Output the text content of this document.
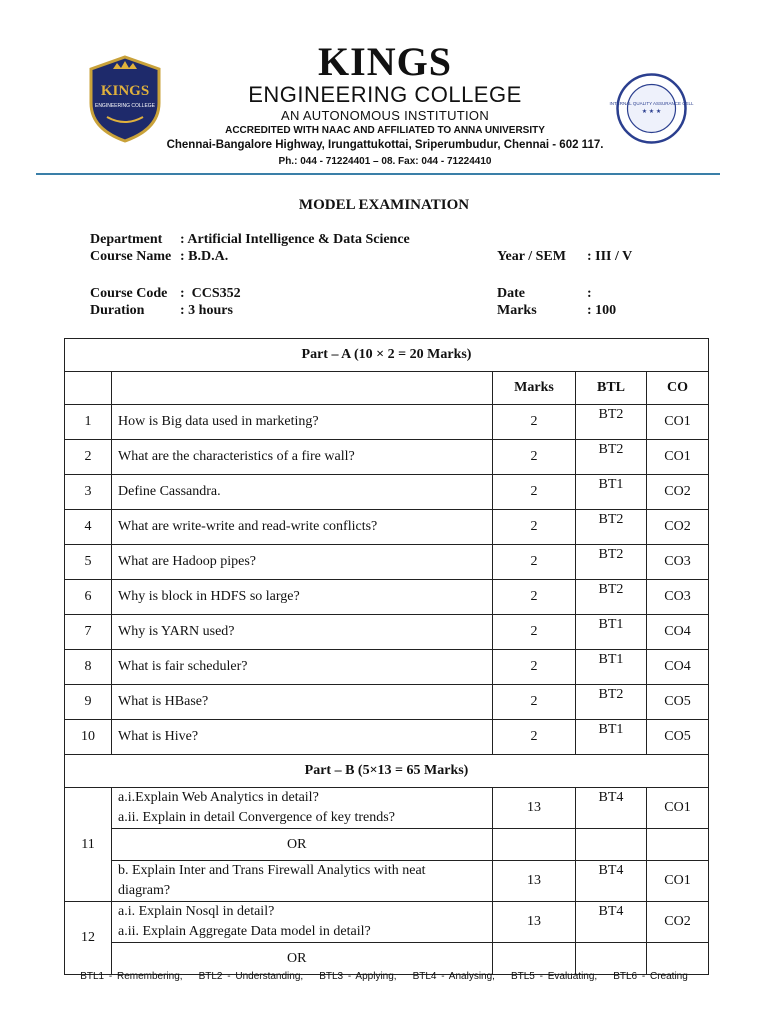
KINGS
ENGINEERING COLLEGE	INTERNAL QUALITY ASSURANCE CELL
★ ★ ★
KINGS
ENGINEERING COLLEGE
AN AUTONOMOUS INSTITUTION
ACCREDITED WITH NAAC AND AFFILIATED TO ANNA UNIVERSITY
Chennai-Bangalore Highway, Irungattukottai, Sriperumbudur, Chennai - 602 117.
Ph.: 044 - 71224401 – 08. Fax: 044 - 71224410
MODEL EXAMINATION
Department : Artificial Intelligence & Data Science
Course Name : B.D.A.	Year / SEM : III / V
Course Code :  CCS352	Date	:
Duration	: 3 hours	Marks	: 100
Part – A (10 × 2 = 20 Marks)				
		Marks	BTL	CO
1	How is Big data used in marketing?	2	BT2	CO1
2	What are the characteristics of a fire wall?	2	BT2	CO1
3	Define Cassandra.	2	BT1	CO2
4	What are write-write and read-write conflicts?	2	BT2	CO2
5	What are Hadoop pipes?	2	BT2	CO3
6	Why is block in HDFS so large?	2	BT2	CO3
7	Why is YARN used?	2	BT1	CO4
8	What is fair scheduler?	2	BT1	CO4
9	What is HBase?	2	BT2	CO5
10	What is Hive?	2	BT1	CO5
Part – B (5×13 = 65 Marks)				
11	a.i.Explain Web Analytics in detail?
a.ii. Explain in detail Convergence of key trends?	13	BT4	CO1
	OR			

	b. Explain Inter and Trans Firewall Analytics with neat
diagram?	13	BT4	CO1
12	a.i. Explain Nosql in detail?
a.ii. Explain Aggregate Data model in detail?	13	BT4	CO2
	OR			
BTL1 - Remembering, BTL2 - Understanding, BTL3 - Applying, BTL4 - Analysing, BTL5 - Evaluating, BTL6 - Creating
